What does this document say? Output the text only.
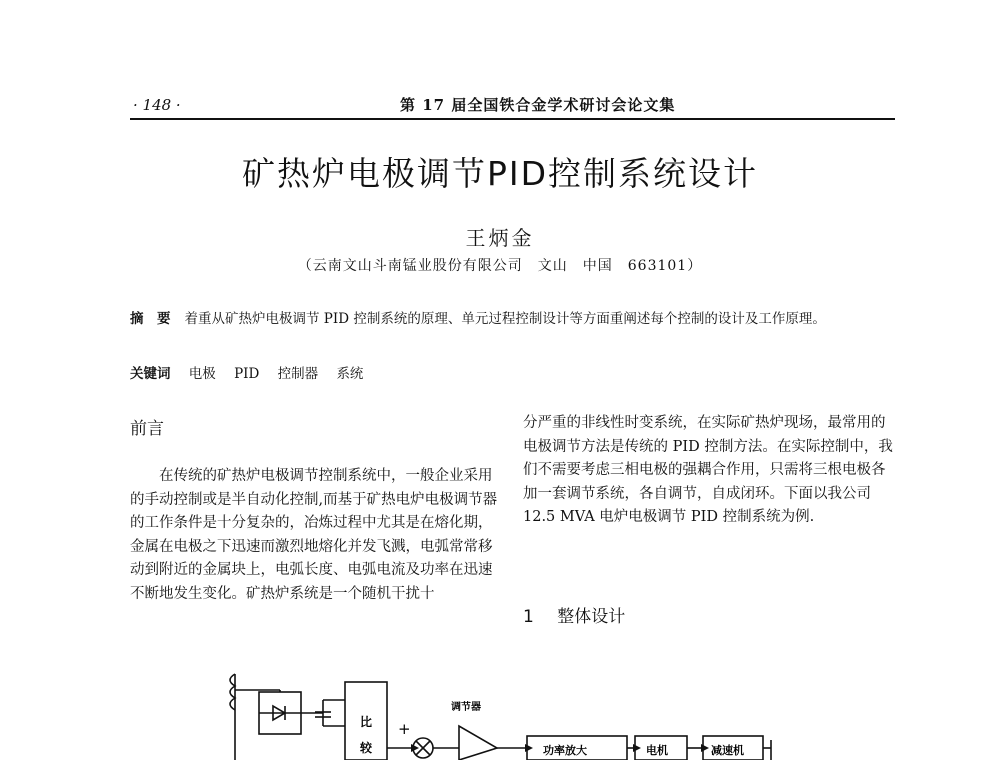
· 148 ·	第 17 届全国铁合金学术研讨会论文集
矿热炉电极调节PID控制系统设计
王炳金
（云南文山斗南锰业股份有限公司　文山　中国　663101）
摘　要 着重从矿热炉电极调节 PID 控制系统的原理、单元过程控制设计等方面重阐述每个控制的设计及工作原理。
关键词 电极 PID 控制器 系统
前言

在传统的矿热炉电极调节控制系统中，一般企业采用的手动控制或是半自动化控制,而基于矿热电炉电极调节器的工作条件是十分复杂的，冶炼过程中尤其是在熔化期，金属在电极之下迅速而激烈地熔化并发飞溅，电弧常常移动到附近的金属块上，电弧长度、电弧电流及功率在迅速不断地发生变化。矿热炉系统是一个随机干扰十

分严重的非线性时变系统，在实际矿热炉现场，最常用的电极调节方法是传统的 PID 控制方法。在实际控制中，我们不需要考虑三相电极的强耦合作用，只需将三根电极各加一套调节系统，各自调节，自成闭环。下面以我公司 12.5 MVA 电炉电极调节 PID 控制系统为例.

1 整体设计
比
较
+
调节器
功率放大	电机	减速机
